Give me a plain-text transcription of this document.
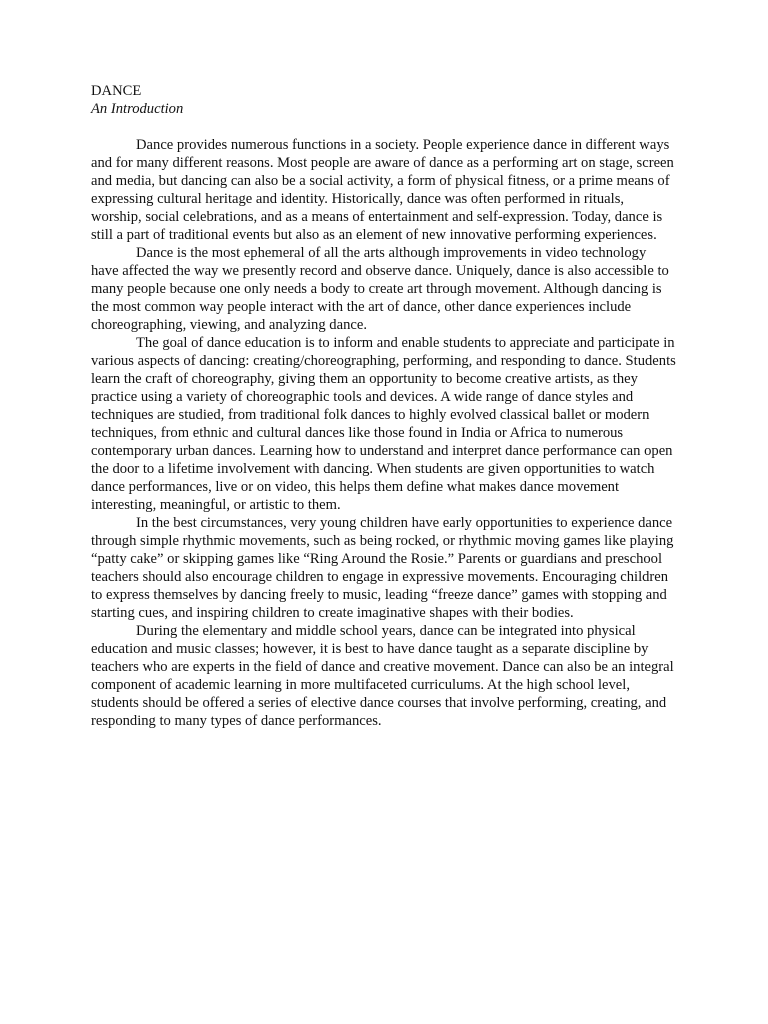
DANCE
An Introduction

Dance provides numerous functions in a society. People experience dance in different ways and for many different reasons. Most people are aware of dance as a performing art on stage, screen and media, but dancing can also be a social activity, a form of physical fitness, or a prime means of expressing cultural heritage and identity. Historically, dance was often performed in rituals, worship, social celebrations, and as a means of entertainment and self-expression. Today, dance is still a part of traditional events but also as an element of new innovative performing experiences.

Dance is the most ephemeral of all the arts although improvements in video technology have affected the way we presently record and observe dance. Uniquely, dance is also accessible to many people because one only needs a body to create art through movement. Although dancing is the most common way people interact with the art of dance, other dance experiences include choreographing, viewing, and analyzing dance.

The goal of dance education is to inform and enable students to appreciate and participate in various aspects of dancing: creating/choreographing, performing, and responding to dance. Students learn the craft of choreography, giving them an opportunity to become creative artists, as they practice using a variety of choreographic tools and devices. A wide range of dance styles and techniques are studied, from traditional folk dances to highly evolved classical ballet or modern techniques, from ethnic and cultural dances like those found in India or Africa to numerous contemporary urban dances. Learning how to understand and interpret dance performance can open the door to a lifetime involvement with dancing. When students are given opportunities to watch dance performances, live or on video, this helps them define what makes dance movement interesting, meaningful, or artistic to them.

In the best circumstances, very young children have early opportunities to experience dance through simple rhythmic movements, such as being rocked, or rhythmic moving games like playing “patty cake” or skipping games like “Ring Around the Rosie.” Parents or guardians and preschool teachers should also encourage children to engage in expressive movements. Encouraging children to express themselves by dancing freely to music, leading “freeze dance” games with stopping and starting cues, and inspiring children to create imaginative shapes with their bodies.

During the elementary and middle school years, dance can be integrated into physical education and music classes; however, it is best to have dance taught as a separate discipline by teachers who are experts in the field of dance and creative movement. Dance can also be an integral component of academic learning in more multifaceted curriculums. At the high school level, students should be offered a series of elective dance courses that involve performing, creating, and responding to many types of dance performances.
